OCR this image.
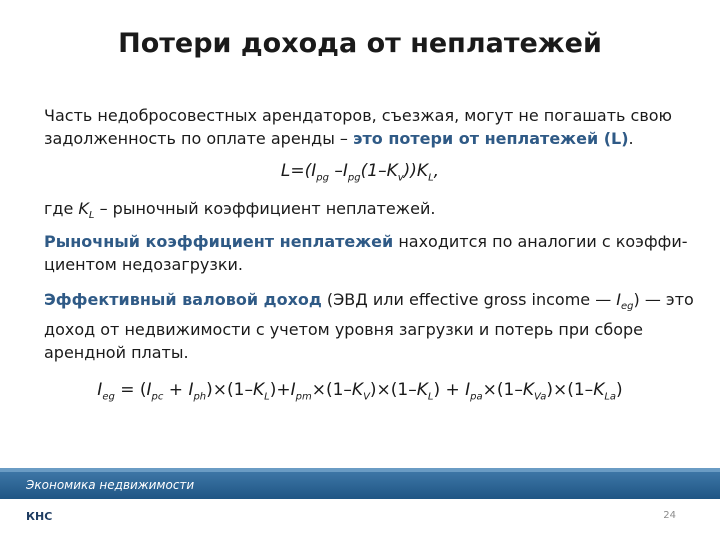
Потери дохода от неплатежей
Часть недобросовестных арендаторов, съезжая, могут не погашать свою задолженность по оплате аренды – это потери от неплатежей (L).
$L=(I_{pg}$ $-I_{pg}(1-K_v))K_L$,
где $K_L$ – рыночный коэффициент неплатежей.
Рыночный коэффициент неплатежей находится по аналогии с коэффи-циентом недозагрузки.
Эффективный валовой доход (ЭВД или effective gross income — $I_{eg}$) — это доход от недвижимости с учетом уровня загрузки и потерь при сборе арендной платы.
$I_{eg} = (I_{pc} + I_{ph})\times(1-K_L)+I_{pm}\times(1-K_V)\times(1-K_L) + I_{pa}\times(1-K_{Va})\times(1-K_{La})$
Экономика недвижимости
КНС	24
